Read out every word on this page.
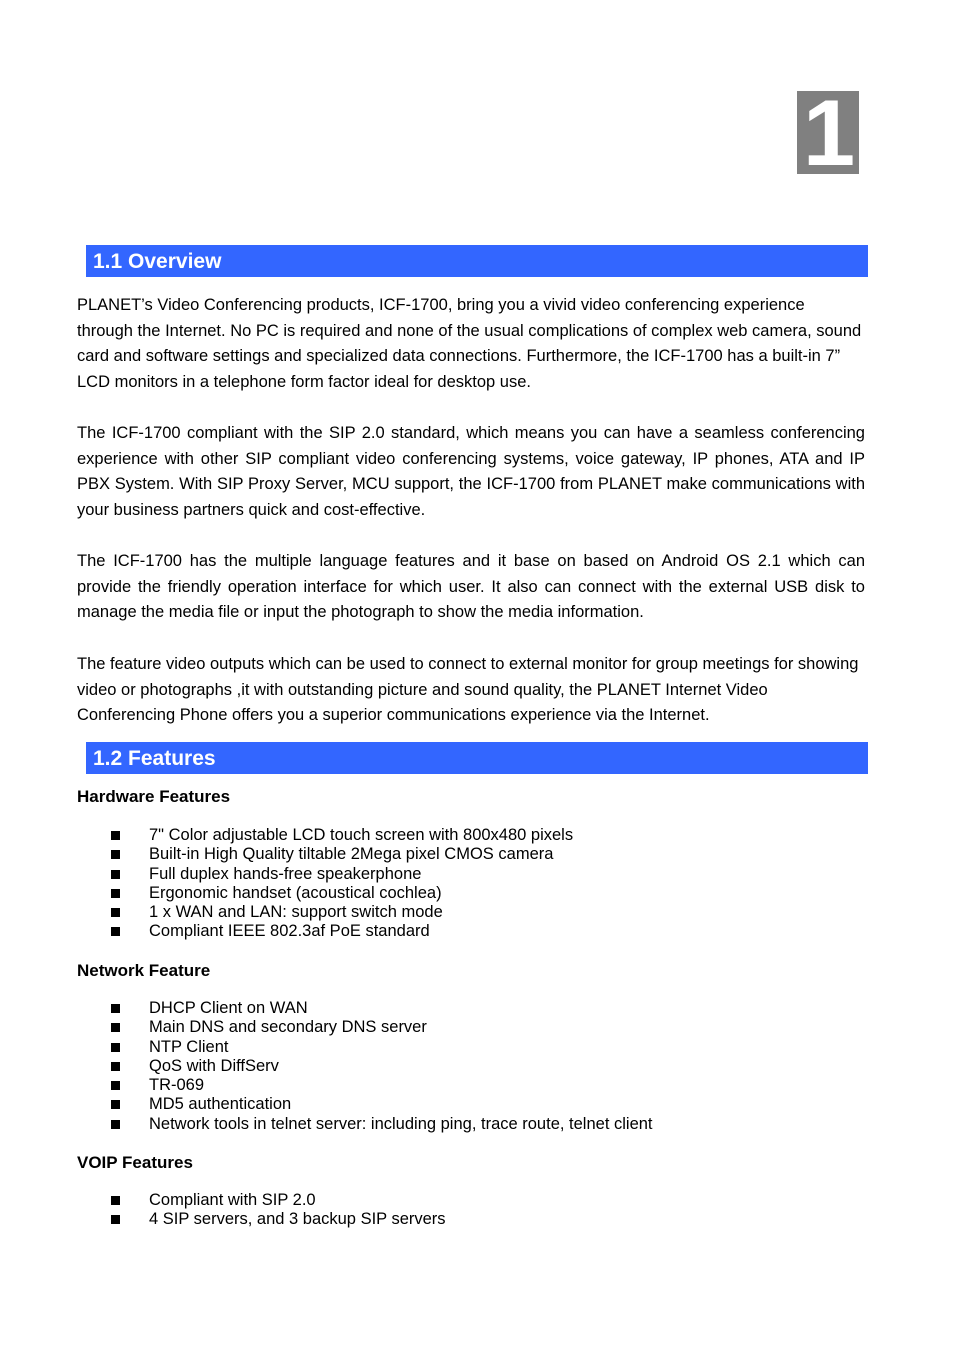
1
1.1 Overview

PLANET’s Video Conferencing products, ICF-1700, bring you a vivid video conferencing experience through the Internet. No PC is required and none of the usual complications of complex web camera, sound card and software settings and specialized data connections. Furthermore, the ICF-1700 has a built-in 7” LCD monitors in a telephone form factor ideal for desktop use.

The ICF-1700 compliant with the SIP 2.0 standard, which means you can have a seamless conferencing experience with other SIP compliant video conferencing systems, voice gateway, IP phones, ATA and IP PBX System. With SIP Proxy Server, MCU support, the ICF-1700 from PLANET make communications with your business partners quick and cost-effective.

The ICF-1700 has the multiple language features and it base on based on Android OS 2.1 which can provide the friendly operation interface for which user. It also can connect with the external USB disk to manage the media file or input the photograph to show the media information.

The feature video outputs which can be used to connect to external monitor for group meetings for showing video or photographs ,it with outstanding picture and sound quality, the PLANET Internet Video Conferencing Phone offers you a superior communications experience via the Internet.

1.2 Features
Hardware Features
7" Color adjustable LCD touch screen with 800x480 pixels
Built-in High Quality tiltable 2Mega pixel CMOS camera
Full duplex hands-free speakerphone
Ergonomic handset (acoustical cochlea)
1 x WAN and LAN: support switch mode
Compliant IEEE 802.3af PoE standard
Network Feature
DHCP Client on WAN
Main DNS and secondary DNS server
NTP Client
QoS with DiffServ
TR-069
MD5 authentication
Network tools in telnet server: including ping, trace route, telnet client
VOIP Features
Compliant with SIP 2.0
4 SIP servers, and 3 backup SIP servers
